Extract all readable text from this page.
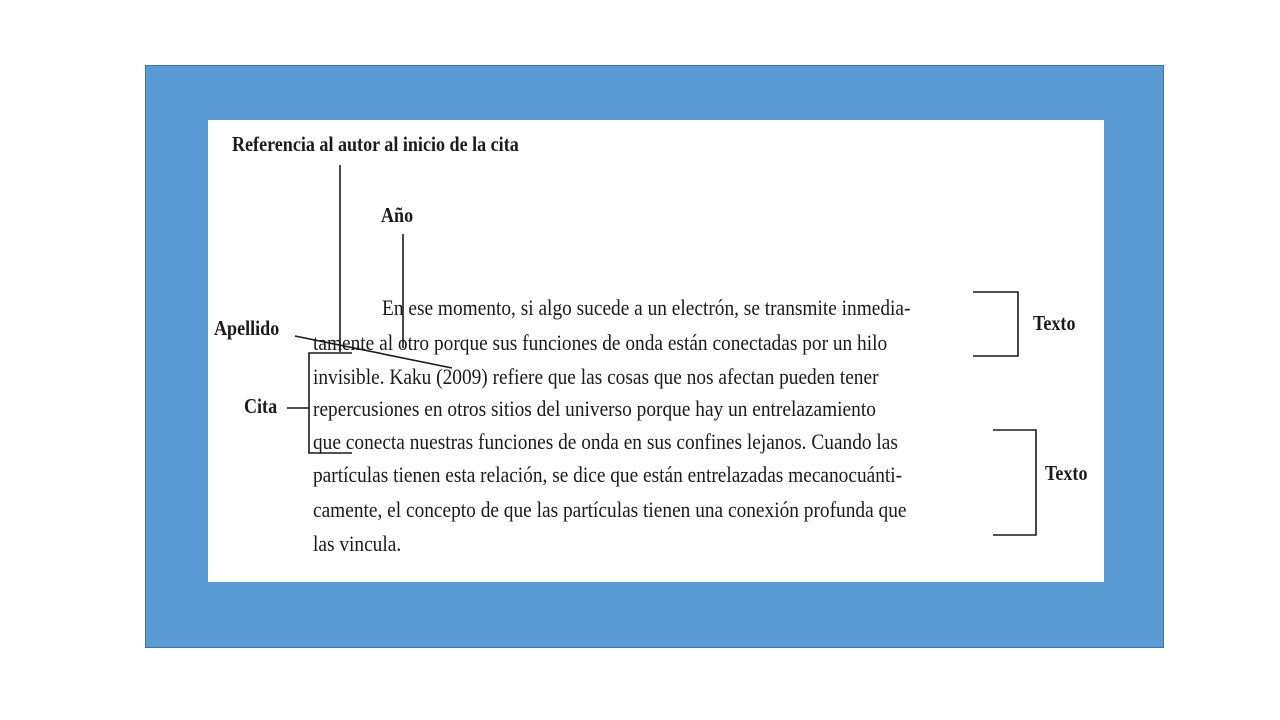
Referencia al autor al inicio de la cita
Año
Apellido
Cita
Texto
Texto
En ese momento, si algo sucede a un electrón, se transmite inmedia-
tamente al otro porque sus funciones de onda están conectadas por un hilo
invisible. Kaku (2009) refiere que las cosas que nos afectan pueden tener
repercusiones en otros sitios del universo porque hay un entrelazamiento
que conecta nuestras funciones de onda en sus confines lejanos. Cuando las
partículas tienen esta relación, se dice que están entrelazadas mecanocuánti-
camente, el concepto de que las partículas tienen una conexión profunda que
las vincula.
